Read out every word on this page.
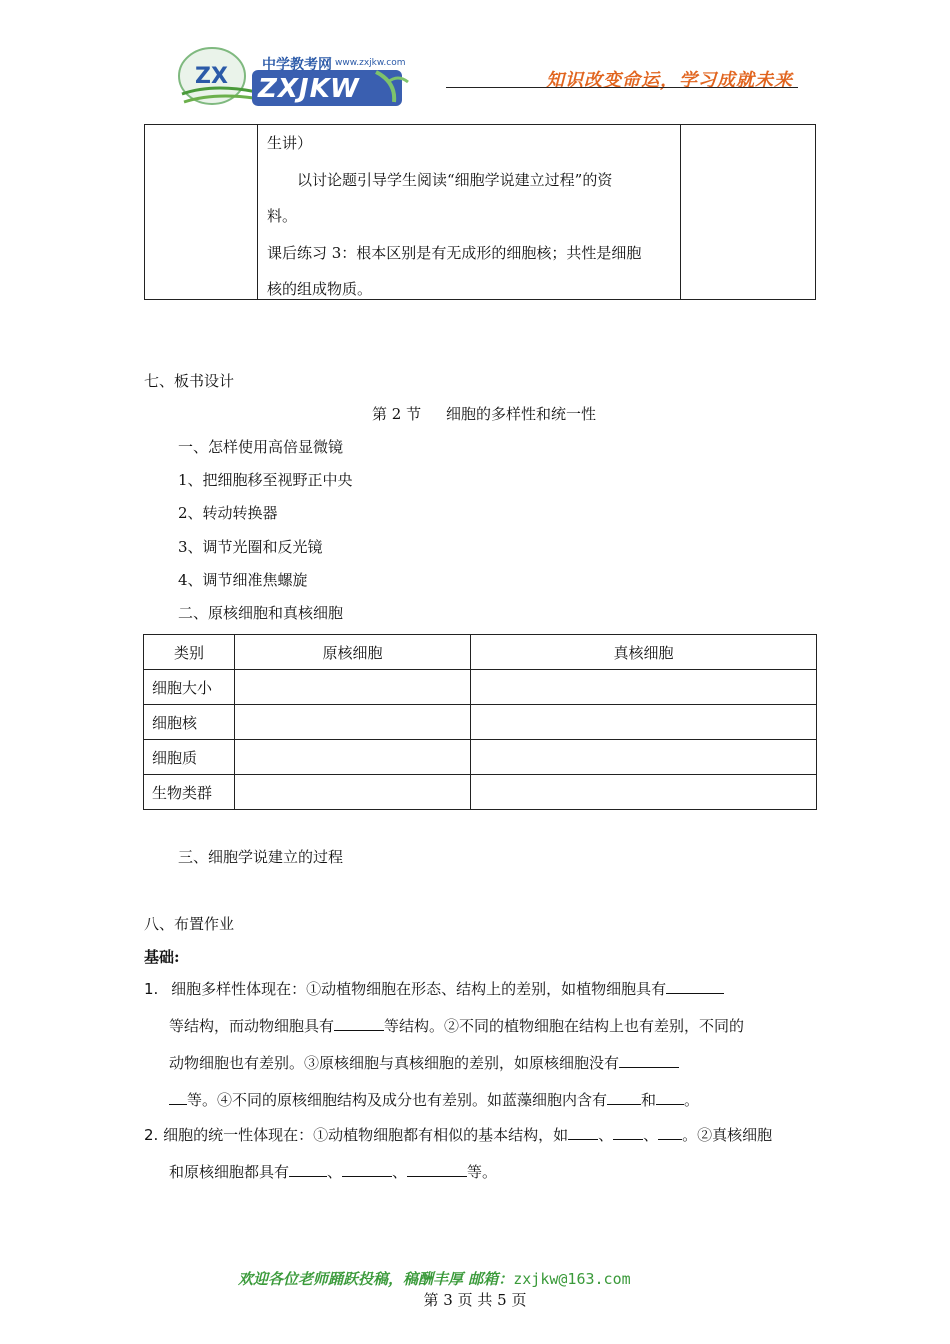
ZX ZXJKW
中学教考网 www.zxjkw.com
知识改变命运，学习成就未来

生讲）

以讨论题引导学生阅读“细胞学说建立过程”的资

料。

课后练习 3：根本区别是有无成形的细胞核；共性是细胞

核的组成物质。

七、板书设计
第 2 节 细胞的多样性和统一性
一、怎样使用高倍显微镜
1、把细胞移至视野正中央
2、转动转换器
3、调节光圈和反光镜
4、调节细准焦螺旋
二、原核细胞和真核细胞
类别	原核细胞	真核细胞
细胞大小		
细胞核		
细胞质		
生物类群		
三、细胞学说建立的过程
八、布置作业
基础:
1. 细胞多样性体现在：①动植物细胞在形态、结构上的差别，如植物细胞具有
等结构，而动物细胞具有	等结构。②不同的植物细胞在结构上也有差别，不同的
动物细胞也有差别。③原核细胞与真核细胞的差别，如原核细胞没有
等。④不同的原核细胞结构及成分也有差别。如蓝藻细胞内含有 和 。
2. 细胞的统一性体现在：①动植物细胞都有相似的基本结构，如 、 、 。②真核细胞
和原核细胞都具有	、	、	等。
欢迎各位老师踊跃投稿，稿酬丰厚 邮箱：zxjkw@163.com
第 3 页 共 5 页
